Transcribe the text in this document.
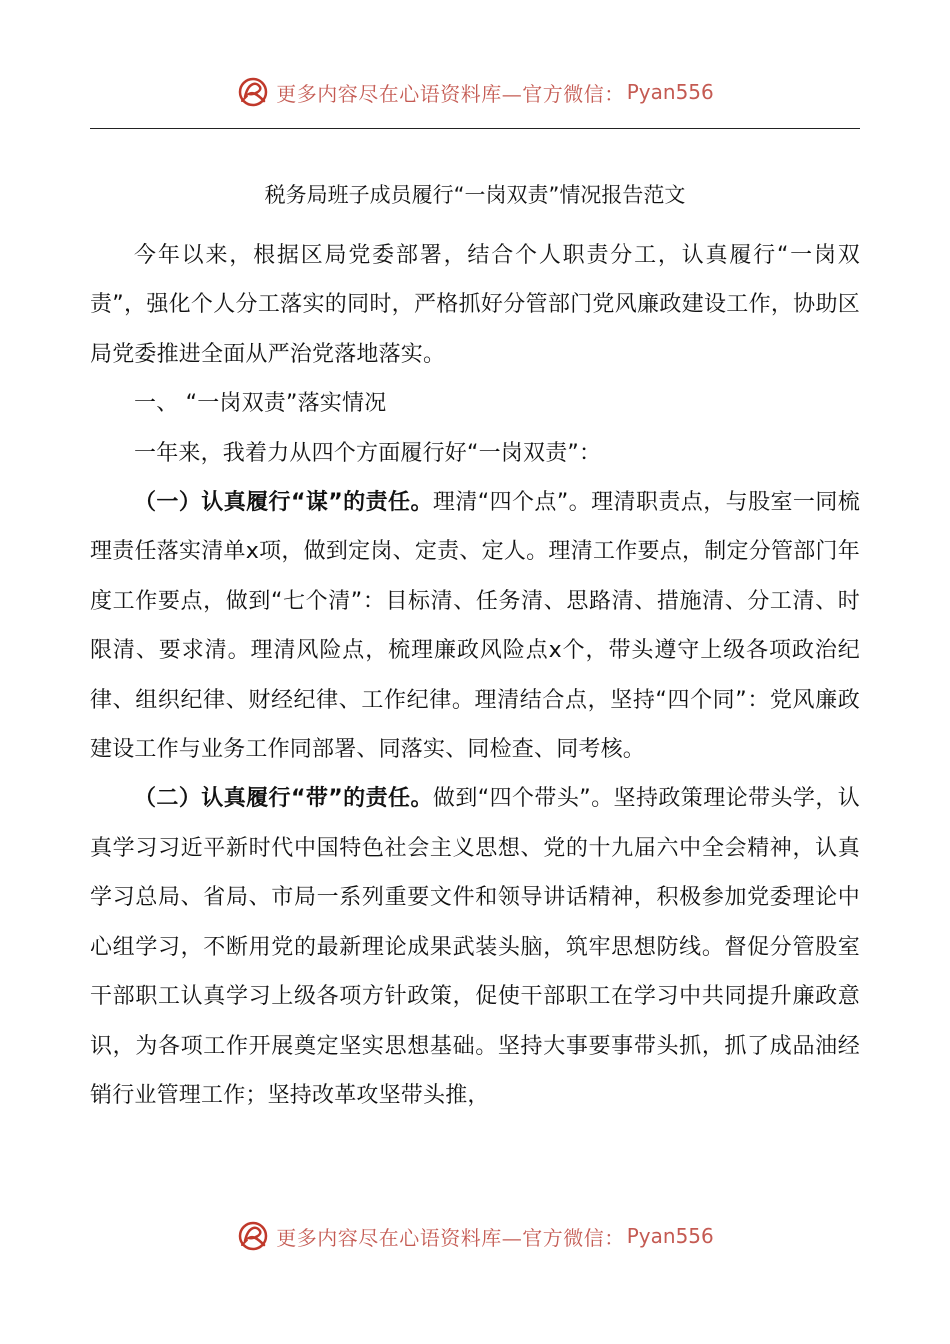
更多内容尽在心语资料库—官方微信： Pyan556
税务局班子成员履行“一岗双责”情况报告范文

今年以来，根据区局党委部署，结合个人职责分工，认真履行“一岗双责”，强化个人分工落实的同时，严格抓好分管部门党风廉政建设工作，协助区局党委推进全面从严治党落地落实。

一、 “一岗双责”落实情况

一年来，我着力从四个方面履行好“一岗双责”：

（一）认真履行“谋”的责任。理清“四个点”。理清职责点，与股室一同梳理责任落实清单x项，做到定岗、定责、定人。理清工作要点，制定分管部门年度工作要点，做到“七个清”：目标清、任务清、思路清、措施清、分工清、时限清、要求清。理清风险点，梳理廉政风险点x个，带头遵守上级各项政治纪律、组织纪律、财经纪律、工作纪律。理清结合点，坚持“四个同”：党风廉政建设工作与业务工作同部署、同落实、同检查、同考核。

（二）认真履行“带”的责任。做到“四个带头”。坚持政策理论带头学，认真学习习近平新时代中国特色社会主义思想、党的十九届六中全会精神，认真学习总局、省局、市局一系列重要文件和领导讲话精神，积极参加党委理论中心组学习，不断用党的最新理论成果武装头脑，筑牢思想防线。督促分管股室干部职工认真学习上级各项方针政策，促使干部职工在学习中共同提升廉政意识，为各项工作开展奠定坚实思想基础。坚持大事要事带头抓，抓了成品油经销行业管理工作；坚持改革攻坚带头推，

更多内容尽在心语资料库—官方微信： Pyan556
